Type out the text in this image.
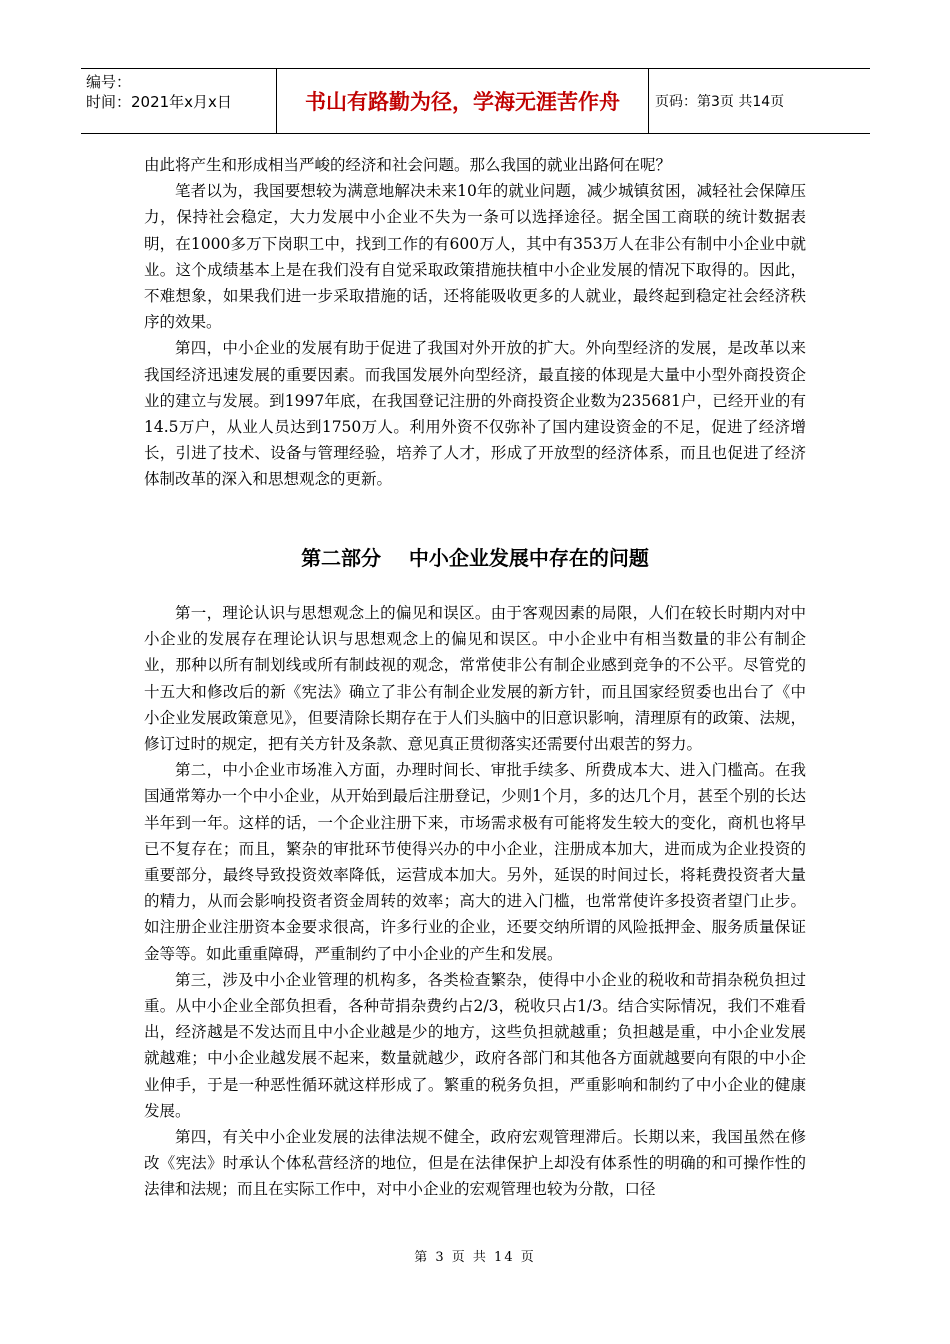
编号：
时间：2021年x月x日	书山有路勤为径，学海无涯苦作舟	页码：第3页 共14页

由此将产生和形成相当严峻的经济和社会问题。那么我国的就业出路何在呢？

笔者以为，我国要想较为满意地解决未来10年的就业问题，减少城镇贫困，减轻社会保障压力，保持社会稳定，大力发展中小企业不失为一条可以选择途径。据全国工商联的统计数据表明，在1000多万下岗职工中，找到工作的有600万人，其中有353万人在非公有制中小企业中就业。这个成绩基本上是在我们没有自觉采取政策措施扶植中小企业发展的情况下取得的。因此，不难想象，如果我们进一步采取措施的话，还将能吸收更多的人就业，最终起到稳定社会经济秩序的效果。

第四，中小企业的发展有助于促进了我国对外开放的扩大。外向型经济的发展，是改革以来我国经济迅速发展的重要因素。而我国发展外向型经济，最直接的体现是大量中小型外商投资企业的建立与发展。到1997年底，在我国登记注册的外商投资企业数为235681户，已经开业的有14.5万户，从业人员达到1750万人。利用外资不仅弥补了国内建设资金的不足，促进了经济增长，引进了技术、设备与管理经验，培养了人才，形成了开放型的经济体系，而且也促进了经济体制改革的深入和思想观念的更新。

第二部分    中小企业发展中存在的问题

第一，理论认识与思想观念上的偏见和误区。由于客观因素的局限，人们在较长时期内对中小企业的发展存在理论认识与思想观念上的偏见和误区。中小企业中有相当数量的非公有制企业，那种以所有制划线或所有制歧视的观念，常常使非公有制企业感到竞争的不公平。尽管党的十五大和修改后的新《宪法》确立了非公有制企业发展的新方针，而且国家经贸委也出台了《中小企业发展政策意见》，但要清除长期存在于人们头脑中的旧意识影响，清理原有的政策、法规，修订过时的规定，把有关方针及条款、意见真正贯彻落实还需要付出艰苦的努力。

第二，中小企业市场准入方面，办理时间长、审批手续多、所费成本大、进入门槛高。在我国通常筹办一个中小企业，从开始到最后注册登记，少则1个月，多的达几个月，甚至个别的长达半年到一年。这样的话，一个企业注册下来，市场需求极有可能将发生较大的变化，商机也将早已不复存在；而且，繁杂的审批环节使得兴办的中小企业，注册成本加大，进而成为企业投资的重要部分，最终导致投资效率降低，运营成本加大。另外，延误的时间过长，将耗费投资者大量的精力，从而会影响投资者资金周转的效率；高大的进入门槛，也常常使许多投资者望门止步。如注册企业注册资本金要求很高，许多行业的企业，还要交纳所谓的风险抵押金、服务质量保证金等等。如此重重障碍，严重制约了中小企业的产生和发展。

第三，涉及中小企业管理的机构多，各类检查繁杂，使得中小企业的税收和苛捐杂税负担过重。从中小企业全部负担看，各种苛捐杂费约占2/3，税收只占1/3。结合实际情况，我们不难看出，经济越是不发达而且中小企业越是少的地方，这些负担就越重；负担越是重，中小企业发展就越难；中小企业越发展不起来，数量就越少，政府各部门和其他各方面就越要向有限的中小企业伸手，于是一种恶性循环就这样形成了。繁重的税务负担，严重影响和制约了中小企业的健康发展。

第四，有关中小企业发展的法律法规不健全，政府宏观管理滞后。长期以来，我国虽然在修改《宪法》时承认个体私营经济的地位，但是在法律保护上却没有体系性的明确的和可操作性的法律和法规；而且在实际工作中，对中小企业的宏观管理也较为分散，口径

第 3 页 共 14 页
